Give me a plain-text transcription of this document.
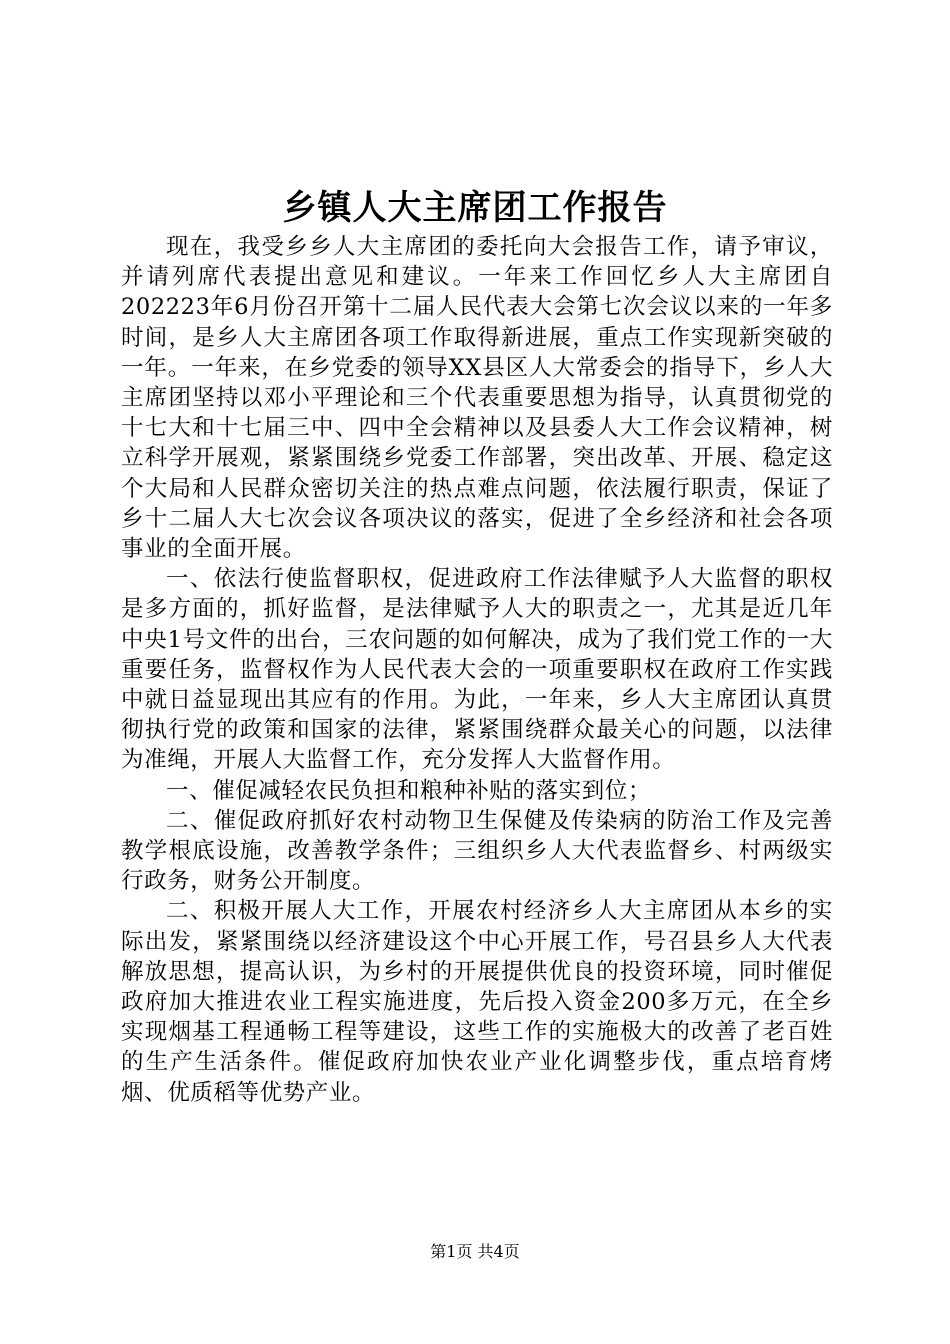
乡镇人大主席团工作报告

现在，我受乡乡人大主席团的委托向大会报告工作，请予审议，并请列席代表提出意见和建议。一年来工作回忆乡人大主席团自202223年6月份召开第十二届人民代表大会第七次会议以来的一年多时间，是乡人大主席团各项工作取得新进展，重点工作实现新突破的一年。一年来，在乡党委的领导XX县区人大常委会的指导下，乡人大主席团坚持以邓小平理论和三个代表重要思想为指导，认真贯彻党的十七大和十七届三中、四中全会精神以及县委人大工作会议精神，树立科学开展观，紧紧围绕乡党委工作部署，突出改革、开展、稳定这个大局和人民群众密切关注的热点难点问题，依法履行职责，保证了乡十二届人大七次会议各项决议的落实，促进了全乡经济和社会各项事业的全面开展。

一、依法行使监督职权，促进政府工作法律赋予人大监督的职权是多方面的，抓好监督，是法律赋予人大的职责之一，尤其是近几年中央1号文件的出台，三农问题的如何解决，成为了我们党工作的一大重要任务，监督权作为人民代表大会的一项重要职权在政府工作实践中就日益显现出其应有的作用。为此，一年来，乡人大主席团认真贯彻执行党的政策和国家的法律，紧紧围绕群众最关心的问题，以法律为准绳，开展人大监督工作，充分发挥人大监督作用。

一、催促减轻农民负担和粮种补贴的落实到位；

二、催促政府抓好农村动物卫生保健及传染病的防治工作及完善教学根底设施，改善教学条件；三组织乡人大代表监督乡、村两级实行政务，财务公开制度。

二、积极开展人大工作，开展农村经济乡人大主席团从本乡的实际出发，紧紧围绕以经济建设这个中心开展工作，号召县乡人大代表解放思想，提高认识，为乡村的开展提供优良的投资环境，同时催促政府加大推进农业工程实施进度，先后投入资金200多万元，在全乡实现烟基工程通畅工程等建设，这些工作的实施极大的改善了老百姓的生产生活条件。催促政府加快农业产业化调整步伐，重点培育烤烟、优质稻等优势产业。

第1页 共4页
